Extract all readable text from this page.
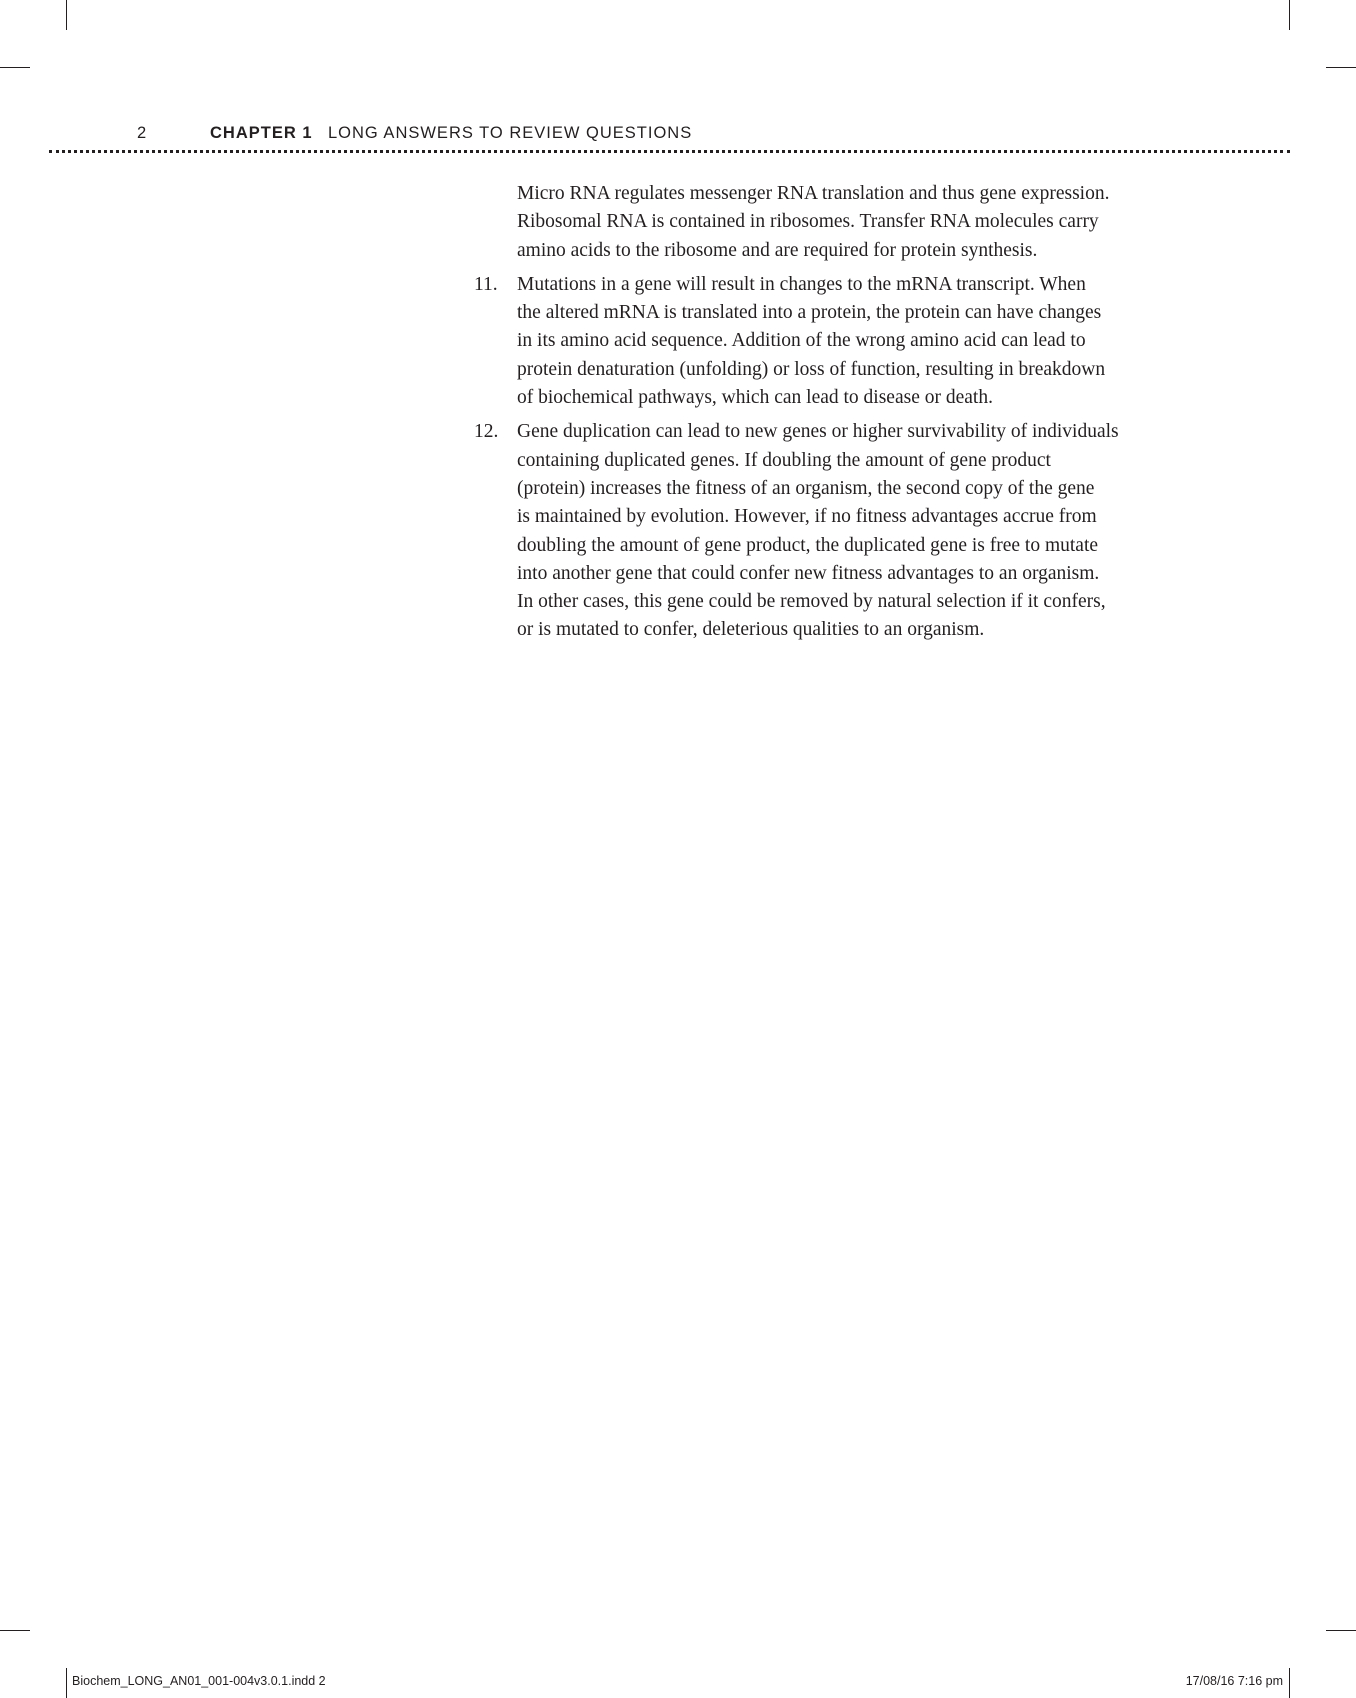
2	CHAPTER 1 LONG ANSWERS TO REVIEW QUESTIONS
Micro RNA regulates messenger RNA translation and thus gene expression.
Ribosomal RNA is contained in ribosomes. Transfer RNA molecules carry
amino acids to the ribosome and are required for protein synthesis.
11. Mutations in a gene will result in changes to the mRNA transcript. When
the altered mRNA is translated into a protein, the protein can have changes
in its amino acid sequence. Addition of the wrong amino acid can lead to
protein denaturation (unfolding) or loss of function, resulting in breakdown
of biochemical pathways, which can lead to disease or death.
12. Gene duplication can lead to new genes or higher survivability of individuals
containing duplicated genes. If doubling the amount of gene product
(protein) increases the fitness of an organism, the second copy of the gene
is maintained by evolution. However, if no fitness advantages accrue from
doubling the amount of gene product, the duplicated gene is free to mutate
into another gene that could confer new fitness advantages to an organism.
In other cases, this gene could be removed by natural selection if it confers,
or is mutated to confer, deleterious qualities to an organism.
Biochem_LONG_AN01_001-004v3.0.1.indd 2	17/08/16 7:16 pm
